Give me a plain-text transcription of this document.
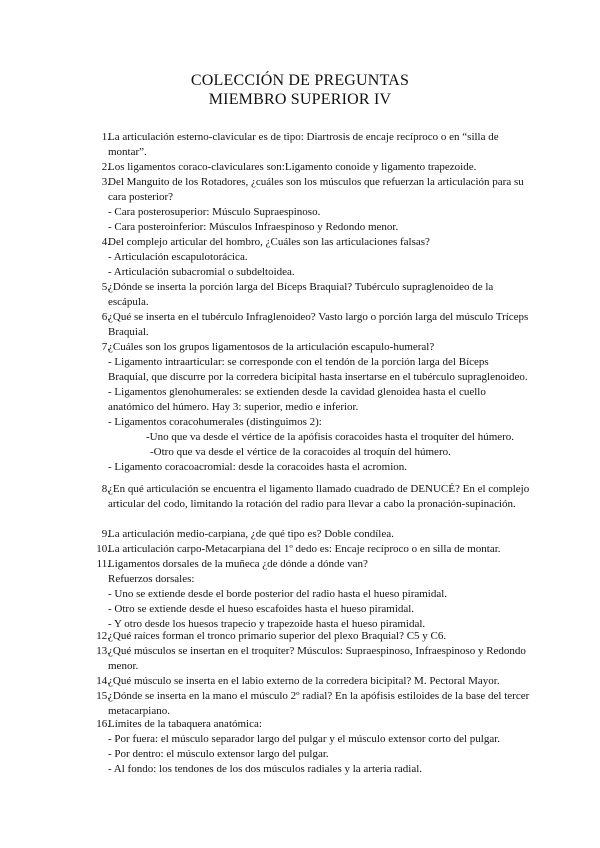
COLECCIÓN DE PREGUNTAS
MIEMBRO SUPERIOR IV
1.
La articulación esterno-clavicular es de tipo: Diartrosis de encaje recíproco o en “silla de montar”.
2.
Los ligamentos coraco-claviculares son:Ligamento conoide y ligamento trapezoide.
3.
Del Manguito de los Rotadores, ¿cuáles son los músculos que refuerzan la articulación para su cara posterior?
- Cara posterosuperior: Músculo Supraespinoso.
- Cara posteroinferior: Músculos Infraespinoso y Redondo menor.
4.
Del complejo articular del hombro, ¿Cuáles son las articulaciones falsas?
- Articulación escapulotorácica.
- Articulación subacromial o subdeltoidea.
5.
¿Dónde se inserta la porción larga del Bíceps Braquial? Tubérculo supraglenoideo de la escápula.
6.
¿Qué se inserta en el tubérculo Infraglenoideo? Vasto largo o porción larga del músculo Tríceps Braquial.
7.
¿Cuáles son los grupos ligamentosos de la articulación escapulo-humeral?
- Ligamento intraarticular: se corresponde con el tendón de la porción larga del Bíceps Braquial, que discurre por la corredera bicipital hasta insertarse en el tubérculo supraglenoideo.
- Ligamentos glenohumerales: se extienden desde la cavidad glenoidea hasta el cuello anatómico del húmero. Hay 3: superior, medio e inferior.
- Ligamentos coracohumerales (distinguimos 2):
-Uno que va desde el vértice de la apófisis coracoides hasta el troquíter del húmero.
-Otro que va desde el vértice de la coracoides al troquín del húmero.
- Ligamento coracoacromial: desde la coracoides hasta el acromion.
8.
¿En qué articulación se encuentra el ligamento llamado cuadrado de DENUCÉ? En el complejo articular del codo, limitando la rotación del radio para llevar a cabo la pronación-supinación.
9.
La articulación medio-carpiana, ¿de qué tipo es? Doble condílea.
10.
La articulación carpo-Metacarpiana del 1º dedo es: Encaje recíproco o en silla de montar.
11.
Ligamentos dorsales de la muñeca ¿de dónde a dónde van?
Refuerzos dorsales:
- Uno se extiende desde el borde posterior del radio hasta el hueso piramidal.
- Otro se extiende desde el hueso escafoides hasta el hueso piramidal.
- Y otro desde los huesos trapecio y trapezoide hasta el hueso piramidal.
12.
¿Qué raíces forman el tronco primario superior del plexo Braquial? C5 y C6.
13.
¿Qué músculos se insertan en el troquíter? Músculos: Supraespinoso, Infraespinoso y Redondo menor.
14.
¿Qué músculo se inserta en el labio externo de la corredera bicipital? M. Pectoral Mayor.
15.
¿Dónde se inserta en la mano el músculo 2º radial? En la apófisis estiloides de la base del tercer metacarpiano.
16.
Límites de la tabaquera anatómica:
- Por fuera: el músculo separador largo del pulgar y el músculo extensor corto del pulgar.
- Por dentro: el músculo extensor largo del pulgar.
- Al fondo: los tendones de los dos músculos radiales y la arteria radial.
